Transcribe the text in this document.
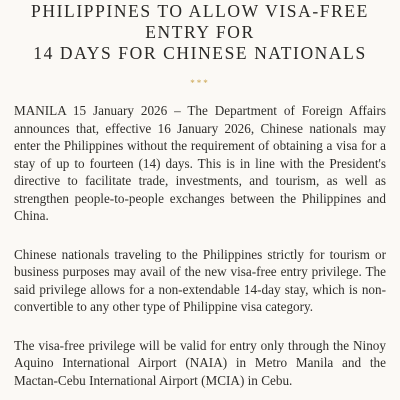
PHILIPPINES TO ALLOW VISA-FREE ENTRY FOR
14 DAYS FOR CHINESE NATIONALS
***

MANILA 15 January 2026 – The Department of Foreign Affairs announces that, effective 16 January 2026, Chinese nationals may enter the Philippines without the requirement of obtaining a visa for a stay of up to fourteen (14) days. This is in line with the President's directive to facilitate trade, investments, and tourism, as well as strengthen people-to-people exchanges between the Philippines and China.

Chinese nationals traveling to the Philippines strictly for tourism or business purposes may avail of the new visa-free entry privilege. The said privilege allows for a non-extendable 14-day stay, which is non-convertible to any other type of Philippine visa category.

The visa-free privilege will be valid for entry only through the Ninoy Aquino International Airport (NAIA) in Metro Manila and the Mactan-Cebu International Airport (MCIA) in Cebu.
